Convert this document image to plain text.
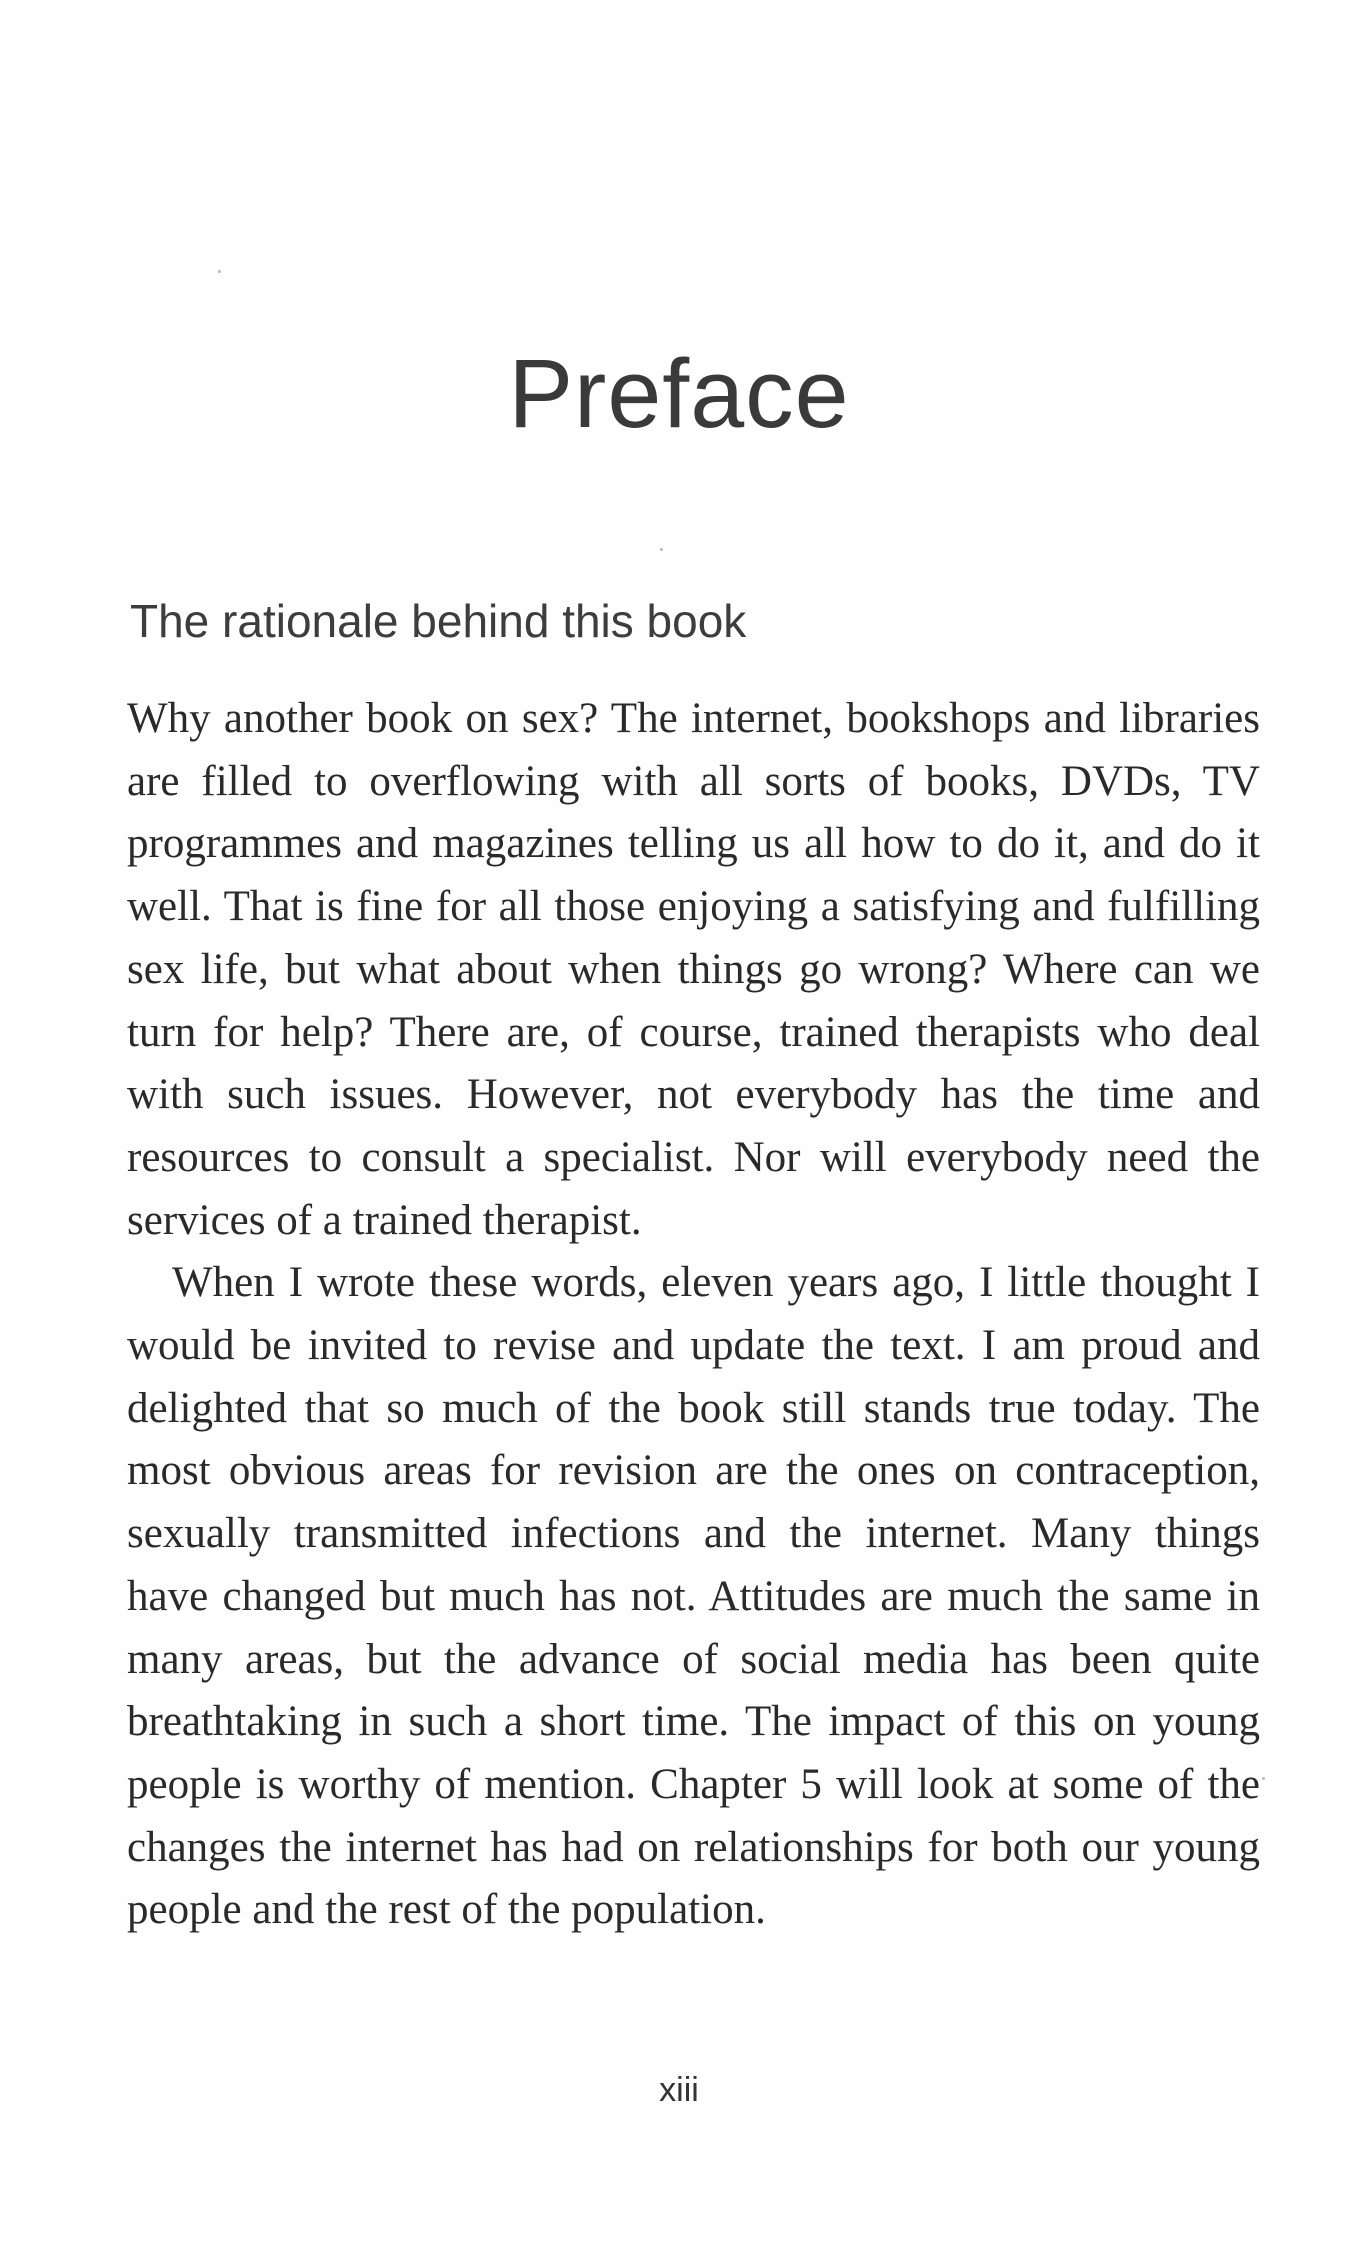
Preface
The rationale behind this book

Why another book on sex? The internet, bookshops and libraries are filled to overflowing with all sorts of books, DVDs, TV programmes and magazines telling us all how to do it, and do it well. That is fine for all those enjoying a satisfying and fulfilling sex life, but what about when things go wrong? Where can we turn for help? There are, of course, trained therapists who deal with such issues. However, not everybody has the time and resources to consult a specialist. Nor will everybody need the services of a trained therapist.

When I wrote these words, eleven years ago, I little thought I would be invited to revise and update the text. I am proud and delighted that so much of the book still stands true today. The most obvious areas for revision are the ones on contraception, sexually transmitted infections and the internet. Many things have changed but much has not. Attitudes are much the same in many areas, but the advance of social media has been quite breathtaking in such a short time. The impact of this on young people is worthy of mention. Chapter 5 will look at some of the changes the internet has had on relationships for both our young people and the rest of the population.

xiii
